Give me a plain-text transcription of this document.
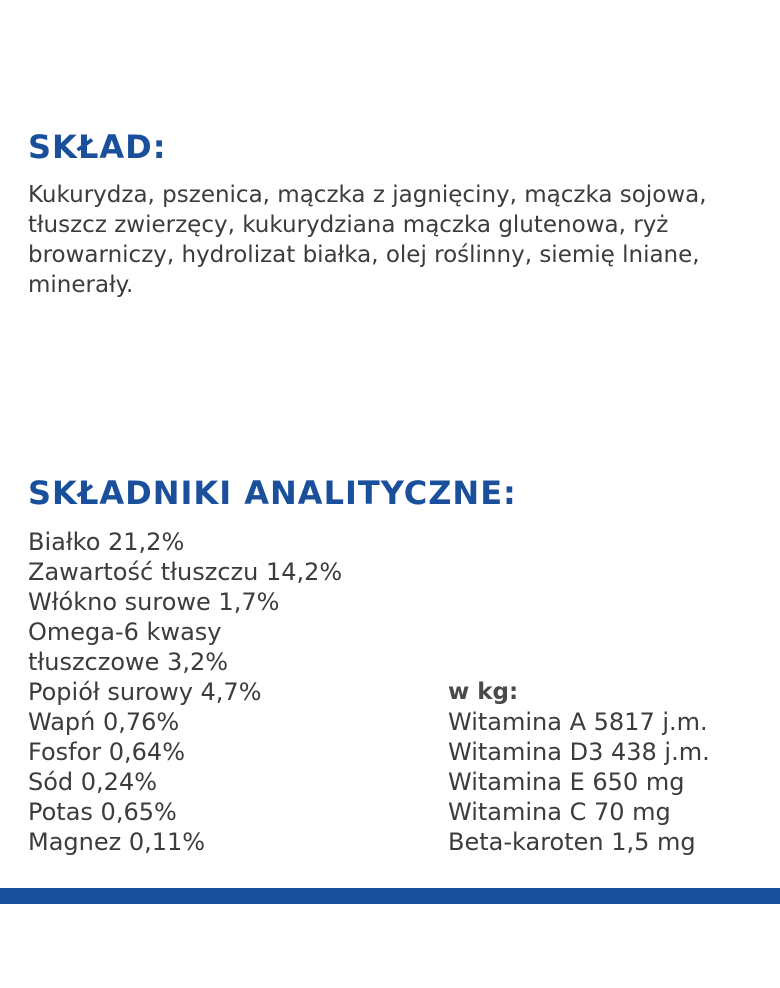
SKŁAD:

Kukurydza, pszenica, mączka z jagnięciny, mączka sojowa, tłuszcz zwierzęcy, kukurydziana mączka glutenowa, ryż browarniczy, hydrolizat białka, olej roślinny, siemię lniane, minerały.

SKŁADNIKI ANALITYCZNE:
Białko 21,2%
Zawartość tłuszczu 14,2%
Włókno surowe 1,7%
Omega-6 kwasy
tłuszczowe 3,2%
Popiół surowy 4,7%
Wapń 0,76%
Fosfor 0,64%
Sód 0,24%
Potas 0,65%
Magnez 0,11%

w kg:

Witamina A 5817 j.m.
Witamina D3 438 j.m.
Witamina E 650 mg
Witamina C 70 mg
Beta-karoten 1,5 mg
